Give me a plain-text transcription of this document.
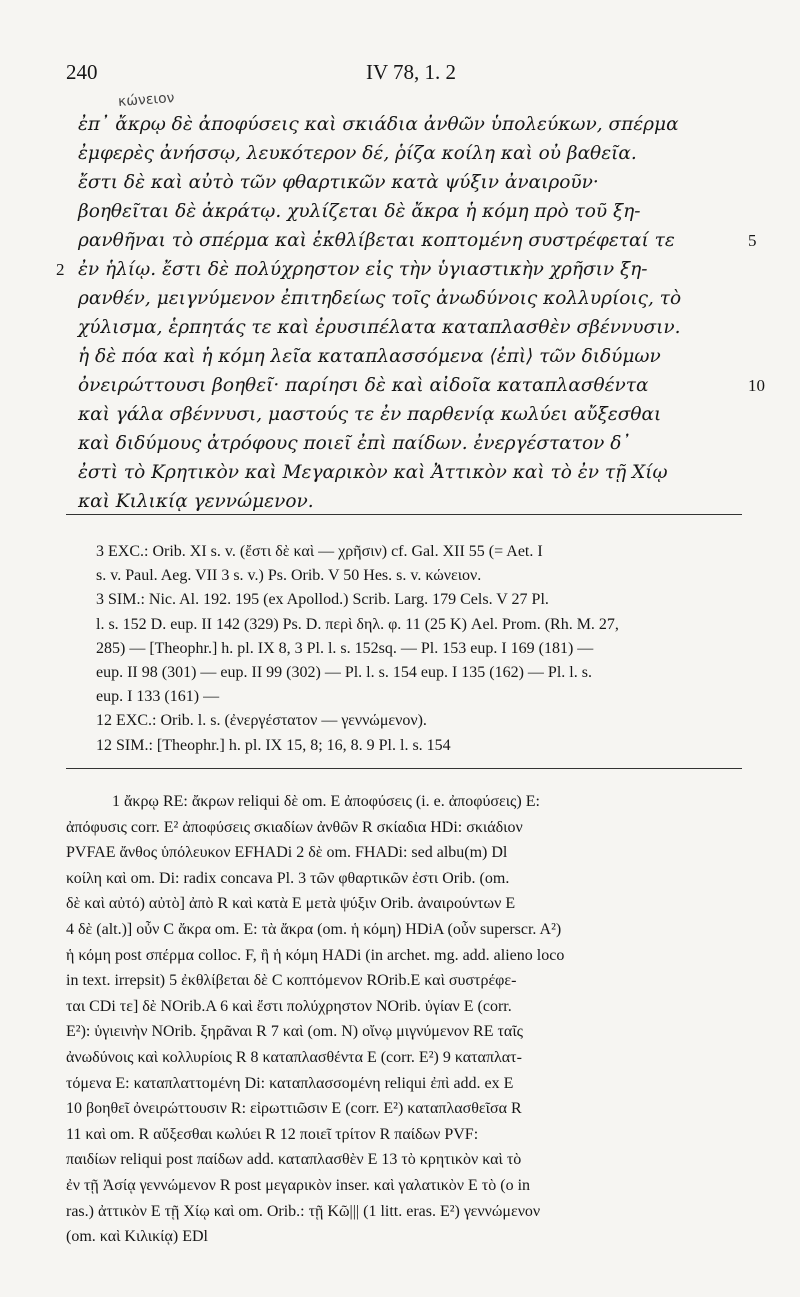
240	IV 78, 1. 2
κώνειον
ἐπ᾽ ἄκρῳ δὲ ἀποφύσεις καὶ σκιάδια ἀνθῶν ὑπολεύκων, σπέρμα
ἐμφερὲς ἀνήσσῳ, λευκότερον δέ, ῥίζα κοίλη καὶ οὐ βαθεῖα.
ἔστι δὲ καὶ αὐτὸ τῶν φθαρτικῶν κατὰ ψύξιν ἀναιροῦν·
βοηθεῖται δὲ ἀκράτῳ. χυλίζεται δὲ ἄκρα ἡ κόμη πρὸ τοῦ ξη-
ρανθῆναι τὸ σπέρμα καὶ ἐκθλίβεται κοπτομένη συστρέφεταί τε	5
ἐν ἡλίῳ. ἔστι δὲ πολύχρηστον εἰς τὴν ὑγιαστικὴν χρῆσιν ξη-
2
ρανθέν, μειγνύμενον ἐπιτηδείως τοῖς ἀνωδύνοις κολλυρίοις, τὸ
χύλισμα, ἑρπητάς τε καὶ ἐρυσιπέλατα καταπλασθὲν σβέννυσιν.
ἡ δὲ πόα καὶ ἡ κόμη λεῖα καταπλασσόμενα ⟨ἐπὶ⟩ τῶν διδύμων
ὀνειρώττουσι βοηθεῖ· παρίησι δὲ καὶ αἰδοῖα καταπλασθέντα	10
καὶ γάλα σβέννυσι, μαστούς τε ἐν παρθενίᾳ κωλύει αὔξεσθαι
καὶ διδύμους ἀτρόφους ποιεῖ ἐπὶ παίδων. ἐνεργέστατον δ᾽
ἐστὶ τὸ Κρητικὸν καὶ Μεγαρικὸν καὶ Ἀττικὸν καὶ τὸ ἐν τῇ Χίῳ
καὶ Κιλικίᾳ γεννώμενον.
3 EXC.: Orib. XI s. v. (ἔστι δὲ καὶ — χρῆσιν) cf. Gal. XII 55 (= Aet. I
s. v. Paul. Aeg. VII 3 s. v.) Ps. Orib. V 50 Hes. s. v. κώνειον.
3 SIM.: Nic. Al. 192. 195 (ex Apollod.) Scrib. Larg. 179 Cels. V 27 Pl.
l. s. 152 D. eup. II 142 (329) Ps. D. περὶ δηλ. φ. 11 (25 K) Ael. Prom. (Rh. M. 27,
285) — [Theophr.] h. pl. IX 8, 3 Pl. l. s. 152sq. — Pl. 153 eup. I 169 (181) —
eup. II 98 (301) — eup. II 99 (302) — Pl. l. s. 154 eup. I 135 (162) — Pl. l. s.
eup. I 133 (161) —
12 EXC.: Orib. l. s. (ἐνεργέστατον — γεννώμενον).
12 SIM.: [Theophr.] h. pl. IX 15, 8; 16, 8. 9 Pl. l. s. 154
1 ἄκρῳ RE: ἄκρων reliqui δὲ om. E ἀποφύσεις (i. e. ἀποφύσεις) E:
ἀπόφυσις corr. E² ἀποφύσεις σκιαδίων ἀνθῶν R σκίαδια HDi: σκιάδιον
PVFAE ἄνθος ὑπόλευκον EFHADi 2 δὲ om. FHADi: sed albu(m) Dl
κοίλη καὶ om. Di: radix concava Pl. 3 τῶν φθαρτικῶν ἐστι Orib. (om.
δὲ καὶ αὐτό) αὐτὸ] ἀπὸ R καὶ κατὰ E μετὰ ψύξιν Orib. ἀναιρούντων E
4 δὲ (alt.)] οὖν C ἄκρα om. E: τὰ ἄκρα (om. ἡ κόμη) HDiA (οὖν superscr. A²)
ἡ κόμη post σπέρμα colloc. F, ἢ ἡ κόμη HADi (in archet. mg. add. alieno loco
in text. irrepsit) 5 ἐκθλίβεται δὲ C κοπτόμενον ROrib.E καὶ συστρέφε-
ται CDi τε] δὲ NOrib.A 6 καὶ ἔστι πολύχρηστον NOrib. ὑγίαν E (corr.
E²): ὑγιεινὴν NOrib. ξηρᾶναι R 7 καὶ (om. N) οἴνῳ μιγνύμενον RE ταῖς
ἀνωδύνοις καὶ κολλυρίοις R 8 καταπλασθέντα E (corr. E²) 9 καταπλατ-
τόμενα E: καταπλαττομένη Di: καταπλασσομένη reliqui ἐπὶ add. ex E
10 βοηθεῖ ὀνειρώττουσιν R: εἰρωττιῶσιν E (corr. E²) καταπλασθεῖσα R
11 καὶ om. R αὔξεσθαι κωλύει R 12 ποιεῖ τρίτον R παίδων PVF:
παιδίων reliqui post παίδων add. καταπλασθὲν E 13 τὸ κρητικὸν καὶ τὸ
ἐν τῇ Ἀσίᾳ γεννώμενον R post μεγαρικὸν inser. καὶ γαλατικὸν E τὸ (o in
ras.) ἀττικὸν E τῇ Χίῳ καὶ om. Orib.: τῇ Κῶ||| (1 litt. eras. E²) γεννώμενον
(om. καὶ Κιλικίᾳ) EDl
